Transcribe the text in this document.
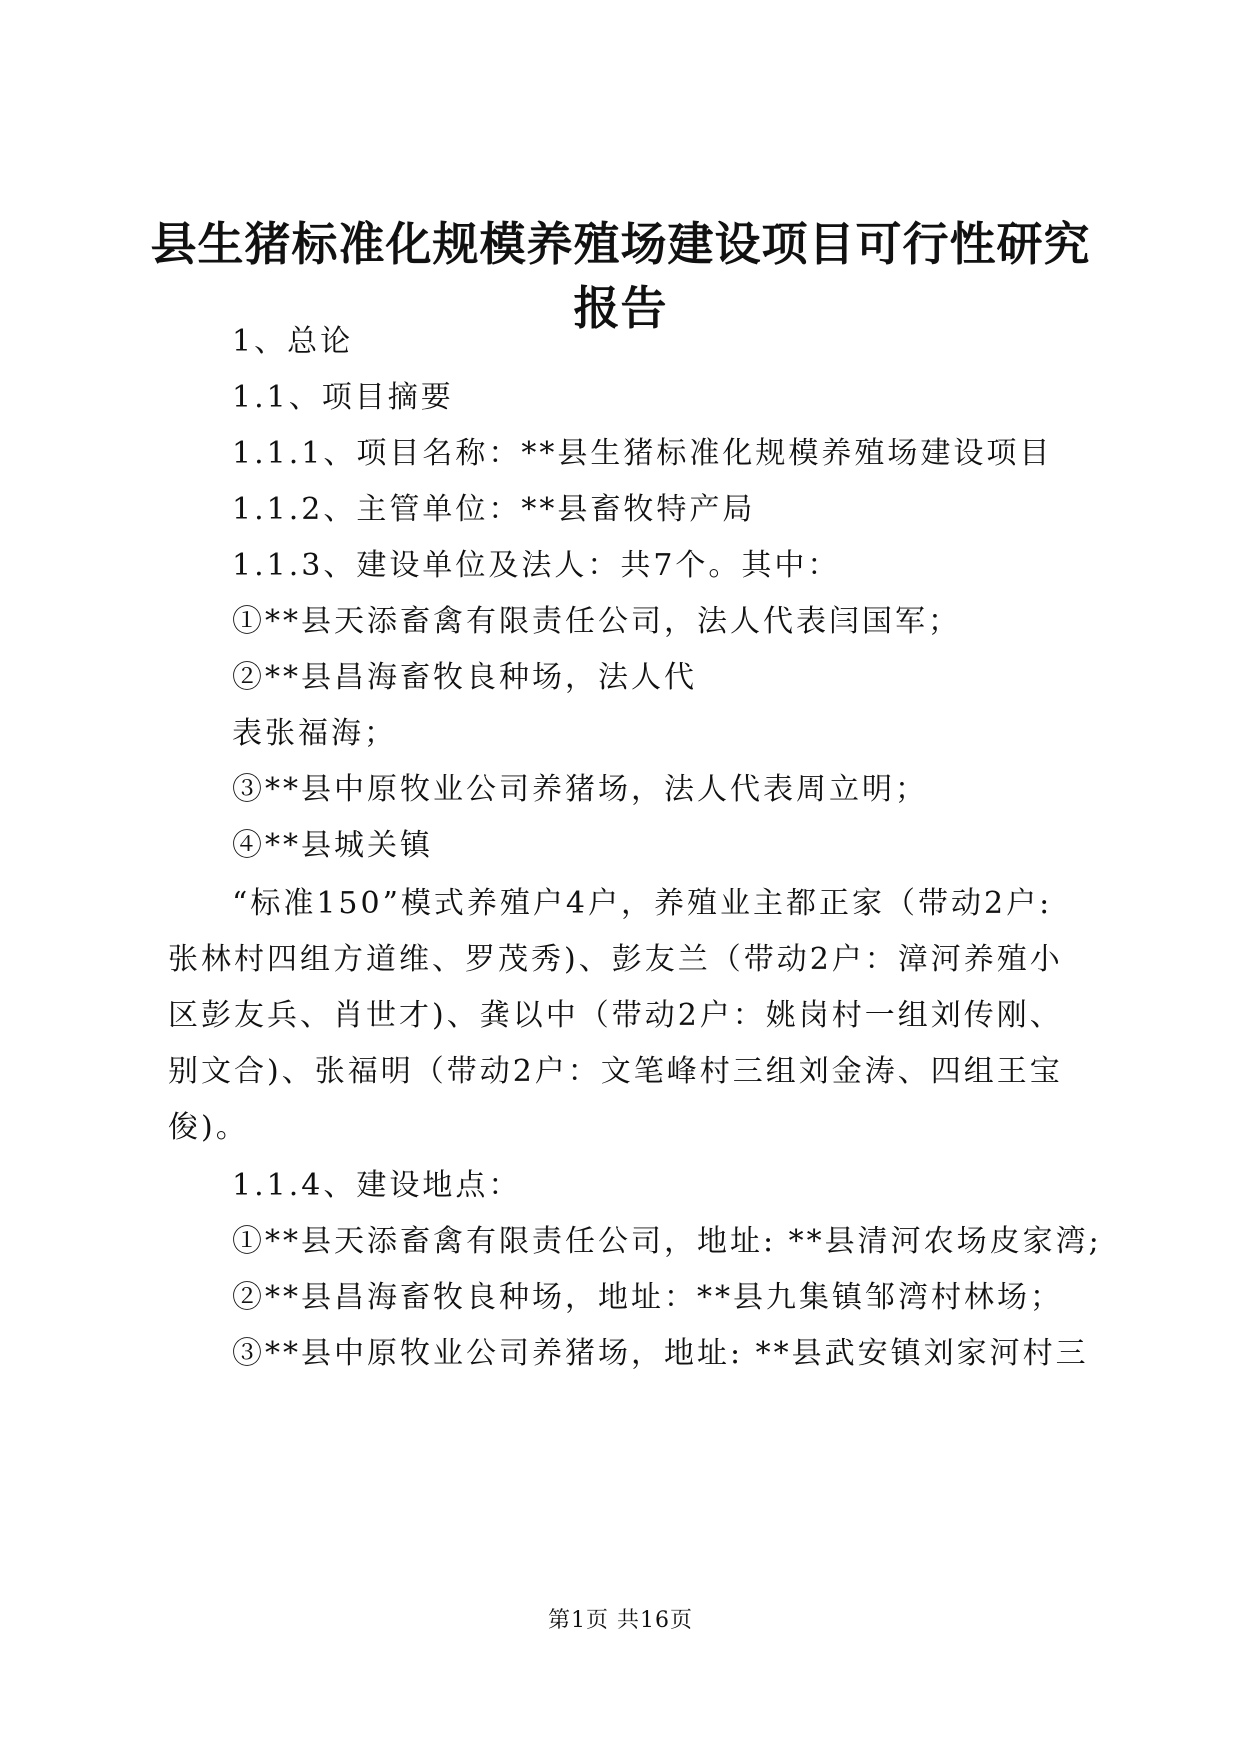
县生猪标准化规模养殖场建设项目可行性研究
报告
1、总论
1.1、项目摘要
1.1.1、项目名称：**县生猪标准化规模养殖场建设项目
1.1.2、主管单位：**县畜牧特产局
1.1.3、建设单位及法人：共7个。其中：
①**县天添畜禽有限责任公司，法人代表闫国军；
②**县昌海畜牧良种场，法人代
表张福海；
③**县中原牧业公司养猪场，法人代表周立明；
④**县城关镇
“标准150”模式养殖户4户，养殖业主都正家（带动2户:
张林村四组方道维、罗茂秀)、彭友兰（带动2户：漳河养殖小
区彭友兵、肖世才)、龚以中（带动2户：姚岗村一组刘传刚、
别文合)、张福明（带动2户：文笔峰村三组刘金涛、四组王宝
俊)。
1.1.4、建设地点：
①**县天添畜禽有限责任公司，地址: **县清河农场皮家湾;
②**县昌海畜牧良种场，地址：**县九集镇邹湾村林场；
③**县中原牧业公司养猪场，地址: **县武安镇刘家河村三
第1页 共16页
